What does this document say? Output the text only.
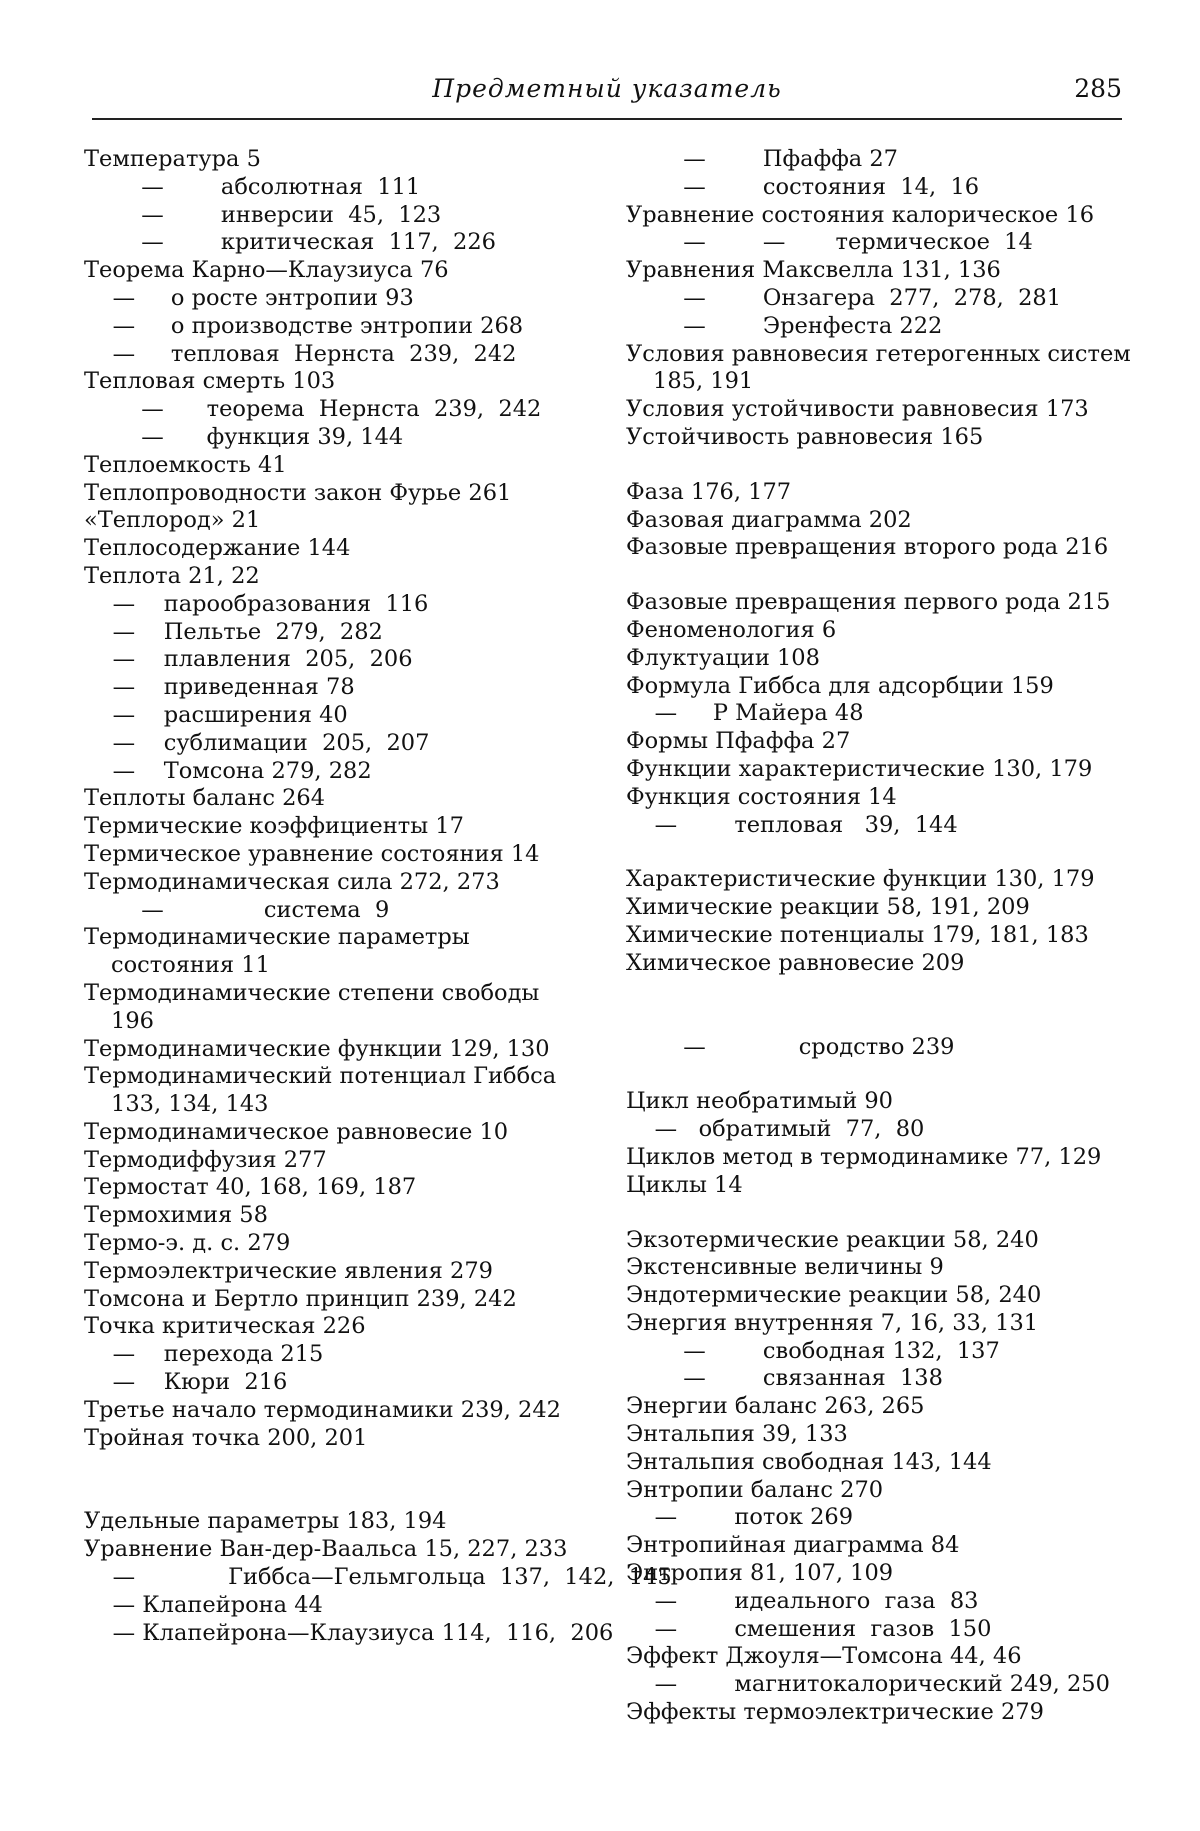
Предметный указатель	285

Температура 5

—        абсолютная  111

—        инверсии  45,  123

—        критическая  117,  226

Теорема Карно—Клаузиуса 76

—     о росте энтропии 93

—     о производстве энтропии 268

—     тепловая  Нернста  239,  242

Тепловая смерть 103

—      теорема  Нернста  239,  242

—      функция 39, 144

Теплоемкость 41

Теплопроводности закон Фурье 261

«Теплород» 21

Теплосодержание 144

Теплота 21, 22

—    парообразования  116

—    Пельтье  279,  282

—    плавления  205,  206

—    приведенная 78

—    расширения 40

—    сублимации  205,  207

—    Томсона 279, 282

Теплоты баланс 264

Термические коэффициенты 17

Термическое уравнение состояния 14

Термодинамическая сила 272, 273

—              система  9

Термодинамические параметры состояния 11

Термодинамические степени свободы 196

Термодинамические функции 129, 130

Термодинамический потенциал Гиббса 133, 134, 143

Термодинамическое равновесие 10

Термодиффузия 277

Термостат 40, 168, 169, 187

Термохимия 58

Термо-э. д. с. 279

Термоэлектрические явления 279

Томсона и Бертло принцип 239, 242

Точка критическая 226

—    перехода 215

—    Кюри  216

Третье начало термодинамики 239, 242

Тройная точка 200, 201

Удельные параметры 183, 194

Уравнение Ван-дер-Ваальса 15, 227, 233

—             Гиббса—Гельмгольца  137,  142,  145

— Клапейрона 44

— Клапейрона—Клаузиуса 114,  116,  206

—        Пфаффа 27

—        состояния  14,  16

Уравнение состояния калорическое 16

—        —       термическое  14

Уравнения Максвелла 131, 136

—        Онзагера  277,  278,  281

—        Эренфеста 222

Условия равновесия гетерогенных систем 185, 191

Условия устойчивости равновесия 173

Устойчивость равновесия 165

Фаза 176, 177

Фазовая диаграмма 202

Фазовые превращения второго рода 216

Фазовые превращения первого рода 215

Феноменология 6

Флуктуации 108

Формула Гиббса для адсорбции 159

—     Р Майера 48

Формы Пфаффа 27

Функции характеристические 130, 179

Функция состояния 14

—        тепловая   39,  144

Характеристические функции 130, 179

Химические реакции 58, 191, 209

Химические потенциалы 179, 181, 183

Химическое равновесие 209

—             сродство 239

Цикл необратимый 90

—   обратимый  77,  80

Циклов метод в термодинамике 77, 129

Циклы 14

Экзотермические реакции 58, 240

Экстенсивные величины 9

Эндотермические реакции 58, 240

Энергия внутренняя 7, 16, 33, 131

—        свободная 132,  137

—        связанная  138

Энергии баланс 263, 265

Энтальпия 39, 133

Энтальпия свободная 143, 144

Энтропии баланс 270

—        поток 269

Энтропийная диаграмма 84

Энтропия 81, 107, 109

—        идеального  газа  83

—        смешения  газов  150

Эффект Джоуля—Томсона 44, 46

—        магнитокалорический 249, 250

Эффекты термоэлектрические 279
